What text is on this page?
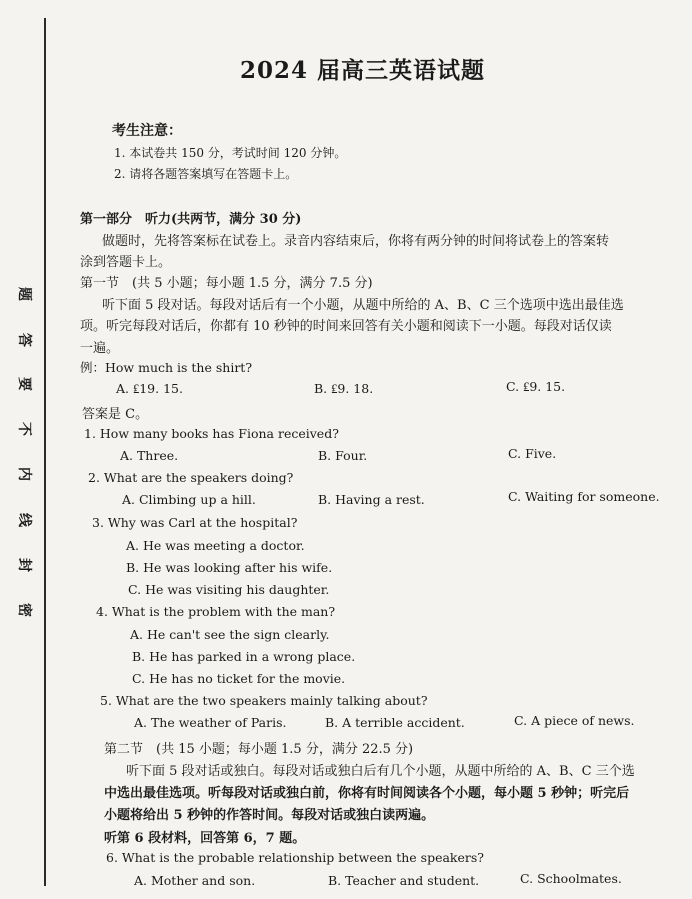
题
答
要
不
内
线
封
密
2024 届高三英语试题
考生注意：
1. 本试卷共 150 分，考试时间 120 分钟。
2. 请将各题答案填写在答题卡上。
第一部分　听力(共两节，满分 30 分)
做题时，先将答案标在试卷上。录音内容结束后，你将有两分钟的时间将试卷上的答案转
涂到答题卡上。
第一节　(共 5 小题；每小题 1.5 分，满分 7.5 分)
听下面 5 段对话。每段对话后有一个小题，从题中所给的 A、B、C 三个选项中选出最佳选
项。听完每段对话后，你都有 10 秒钟的时间来回答有关小题和阅读下一小题。每段对话仅读
一遍。
例：How much is the shirt?
A. ₤19. 15.	B. ₤9. 18.	C. ₤9. 15.
答案是 C。
1. How many books has Fiona received?
A. Three.	B. Four.	C. Five.
2. What are the speakers doing?
A. Climbing up a hill.	B. Having a rest.	C. Waiting for someone.
3. Why was Carl at the hospital?
A. He was meeting a doctor.
B. He was looking after his wife.
C. He was visiting his daughter.
4. What is the problem with the man?
A. He can't see the sign clearly.
B. He has parked in a wrong place.
C. He has no ticket for the movie.
5. What are the two speakers mainly talking about?
A. The weather of Paris.	B. A terrible accident.	C. A piece of news.
第二节　(共 15 小题；每小题 1.5 分，满分 22.5 分)
听下面 5 段对话或独白。每段对话或独白后有几个小题，从题中所给的 A、B、C 三个选
中选出最佳选项。听每段对话或独白前，你将有时间阅读各个小题，每小题 5 秒钟；听完后
小题将给出 5 秒钟的作答时间。每段对话或独白读两遍。
听第 6 段材料，回答第 6，7 题。
6. What is the probable relationship between the speakers?
A. Mother and son.	B. Teacher and student.	C. Schoolmates.
